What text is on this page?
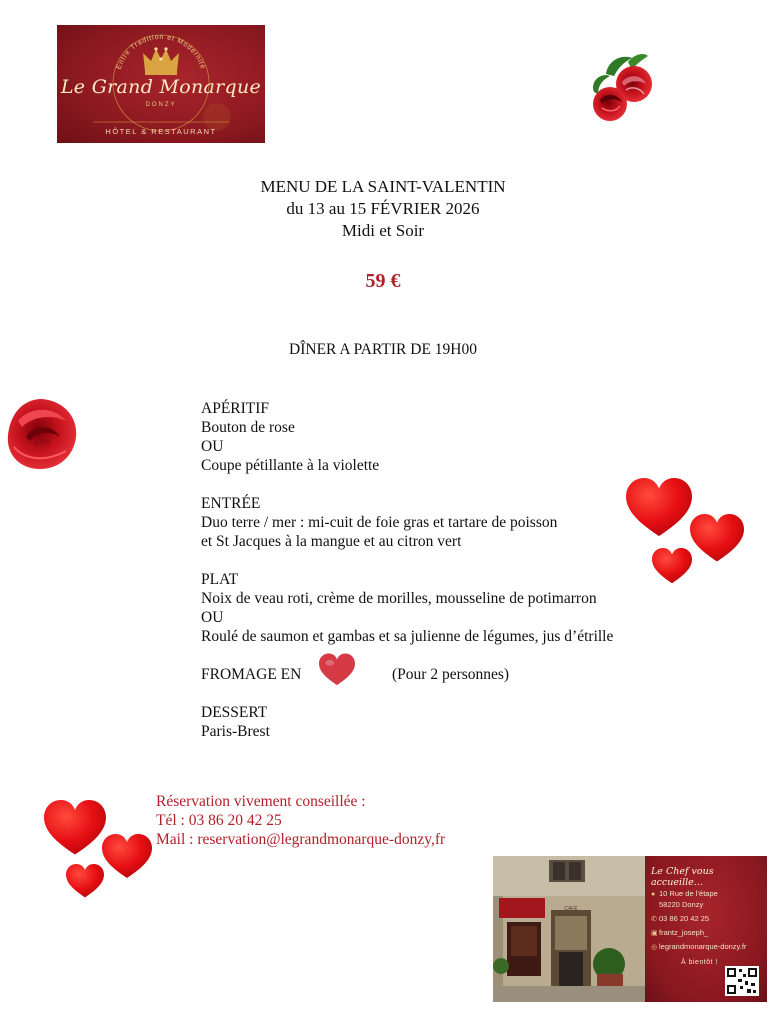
Entre Tradition et Modernité
Le Grand Monarque
DONZY
HÔTEL & RESTAURANT
MENU DE LA SAINT-VALENTIN
du 13 au 15 FÉVRIER 2026
Midi et Soir
59 €
DÎNER A PARTIR DE 19H00
APÉRITIF
Bouton de rose
OU
Coupe pétillante à la violette
ENTRÉE
Duo terre / mer : mi-cuit de foie gras et tartare de poisson
et St Jacques à la mangue et au citron vert
PLAT
Noix de veau roti, crème de morilles, mousseline de potimarron
OU
Roulé de saumon et gambas et sa julienne de légumes, jus d’étrille
FROMAGE EN	(Pour 2 personnes)
DESSERT
Paris-Brest
Réservation vivement conseillée :
Tél : 03 86 20 42 25
Mail : reservation@legrandmonarque-donzy,fr
CAFÉ
Le Chef vous accueille...
● 10 Rue de l’étape
58220 Donzy
✆ 03 86 20 42 25
▣frantz_joseph_
◎ legrandmonarque-donzy.fr
À bientôt !
